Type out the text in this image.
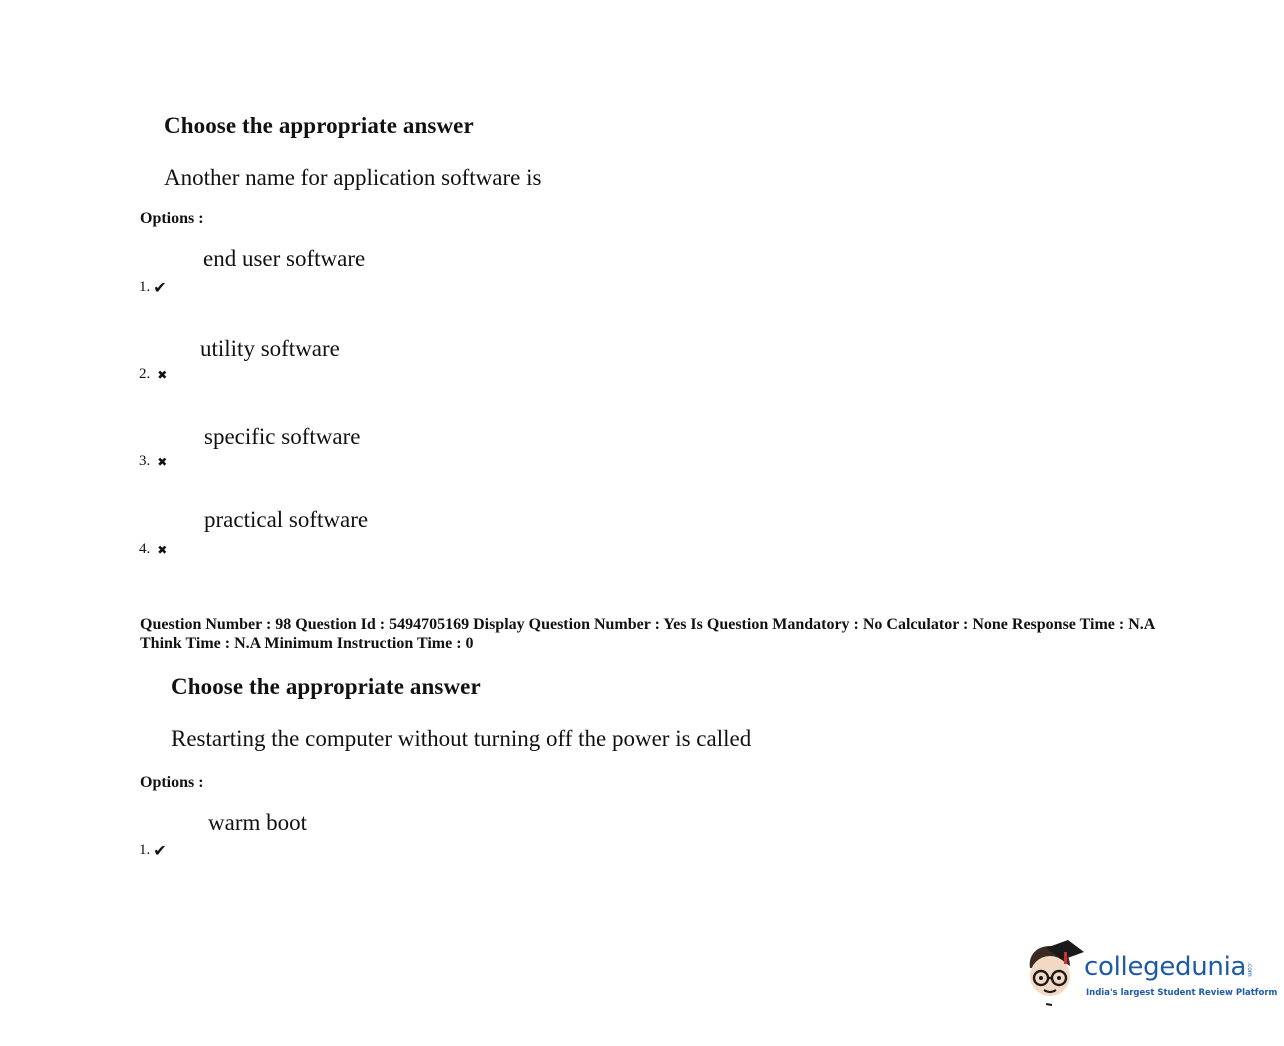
Choose the appropriate answer
Another name for application software is
Options :
end user software
1. ✔
utility software
2. ✖
specific software
3. ✖
practical software
4. ✖
Question Number : 98 Question Id : 5494705169 Display Question Number : Yes Is Question Mandatory : No Calculator : None Response Time : N.A Think Time : N.A Minimum Instruction Time : 0
Choose the appropriate answer
Restarting the computer without turning off the power is called
Options :
warm boot
1. ✔
collegedunia .com
India's largest Student Review Platform
